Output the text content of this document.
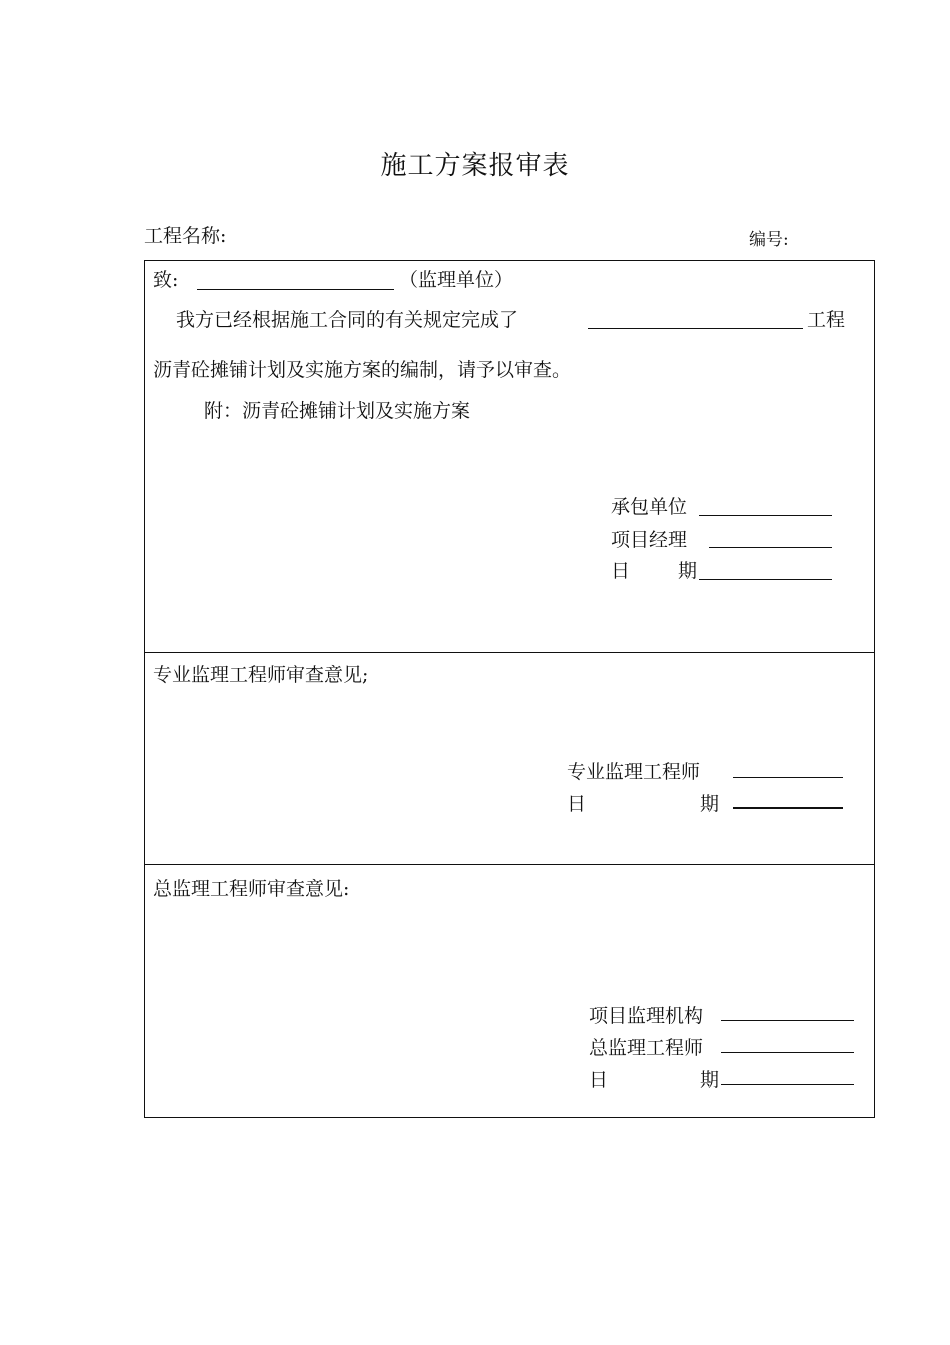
施工方案报审表
工程名称:	编号:
致:	（监理单位）
我方已经根据施工合同的有关规定完成了	工程
沥青砼摊铺计划及实施方案的编制，请予以审查。
附：沥青砼摊铺计划及实施方案
承包单位
项目经理
日	期
专业监理工程师审查意见;
专业监理工程师
日	期
总监理工程师审查意见:
项目监理机构
总监理工程师
日	期
